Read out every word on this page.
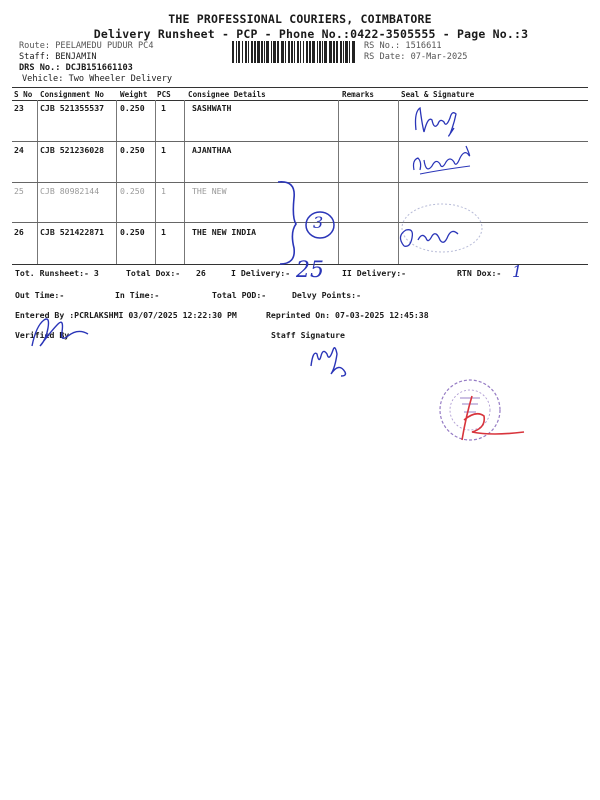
THE PROFESSIONAL COURIERS, COIMBATORE
Delivery Runsheet - PCP - Phone No.:0422-3505555 - Page No.:3
Route: PEELAMEDU PUDUR PC4
Staff: BENJAMIN
DRS No.: DCJB151661103
Vehicle: Two Wheeler Delivery
RS No.: 1516611
RS Date: 07-Mar-2025
S No Consignment No Weight PCS Consignee Details	Remarks	Seal & Signature
23 CJB 521355537 0.250 1	SASHWATH
24 CJB 521236028 0.250 1	AJANTHAA
25 CJB 80982144	0.250 1	THE NEW
26 CJB 521422871 0.250 1	THE NEW INDIA
Tot. Runsheet:- 3	Total Dox:- 26	I Delivery:-	II Delivery:-	RTN Dox:-
Out Time:-	In Time:-	Total POD:-	Delvy Points:-
Entered By :PCRLAKSHMI 03/07/2025 12:22:30 PM	Reprinted On: 07-03-2025 12:45:38
Verified By	Staff Signature
25	1
3
